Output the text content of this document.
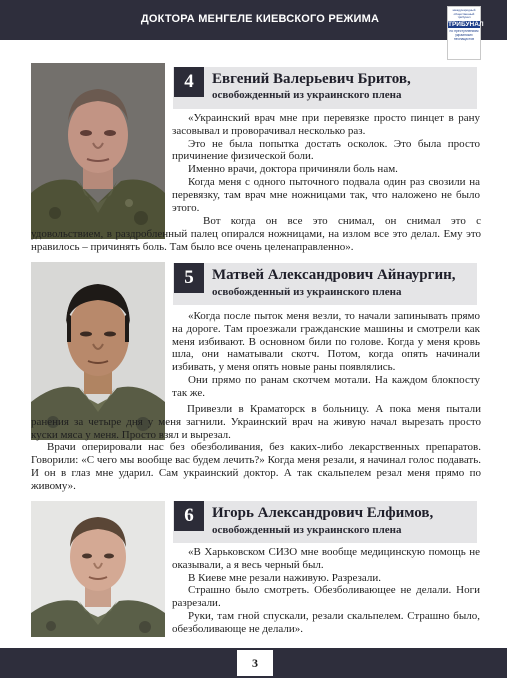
ДОКТОРА МЕНГЕЛЕ КИЕВСКОГО РЕЖИМА
международный общественный трибунал
ТРИБУНАЛ
по преступлениям украинских неонацистов
4	Евгений Валерьевич Бритов,
освобожденный из украинского плена

«Украинский врач мне при перевязке просто пинцет в рану засовывал и проворачивал несколько раз.

Это не была попытка достать осколок. Это была просто причинение физической боли.

Именно врачи, доктора причиняли боль нам.

Когда меня с одного пыточного подвала один раз свозили на перевязку, там врач мне ножницами так, что наложено не было этого.

Вот когда он все это снимал, он снимал это с удовольствием, в раздробленный палец опирался ножницами, на излом все это делал. Ему это нравилось – причинять боль. Там было все очень целенаправленно».

5	Матвей Александрович Айнаургин,
освобожденный из украинского плена

«Когда после пыток меня везли, то начали запинывать прямо на дороге. Там проезжали гражданские машины и смотрели как меня избивают. В основном били по голове. Когда у меня кровь шла, они наматывали скотч. Потом, когда опять начинали избивать, у меня опять новые раны появлялись.

Они прямо по ранам скотчем мотали. На каждом блокпосту так же.

Привезли в Краматорск в больницу. А пока меня пытали ранения за четыре дня у меня загнили. Украинский врач на живую начал вырезать просто куски мяса у меня. Просто взял и вырезал.

Врачи оперировали нас без обезболивания, без каких-либо лекарственных препаратов. Говорили: «С чего мы вообще вас будем лечить?» Когда меня резали, я начинал голос подавать. И он в глаз мне ударил. Сам украинский доктор. А так скальпелем резал меня прямо по живому».

6	Игорь Александрович Елфимов,
освобожденный из украинского плена

«В Харьковском СИЗО мне вообще медицинскую помощь не оказывали, а я весь черный был.

В Киеве мне резали наживую. Разрезали.

Страшно было смотреть. Обезболивающее не делали. Ноги разрезали.

Руки, там гной спускали, резали скальпелем. Страшно было, обезболивающе не делали».

3
